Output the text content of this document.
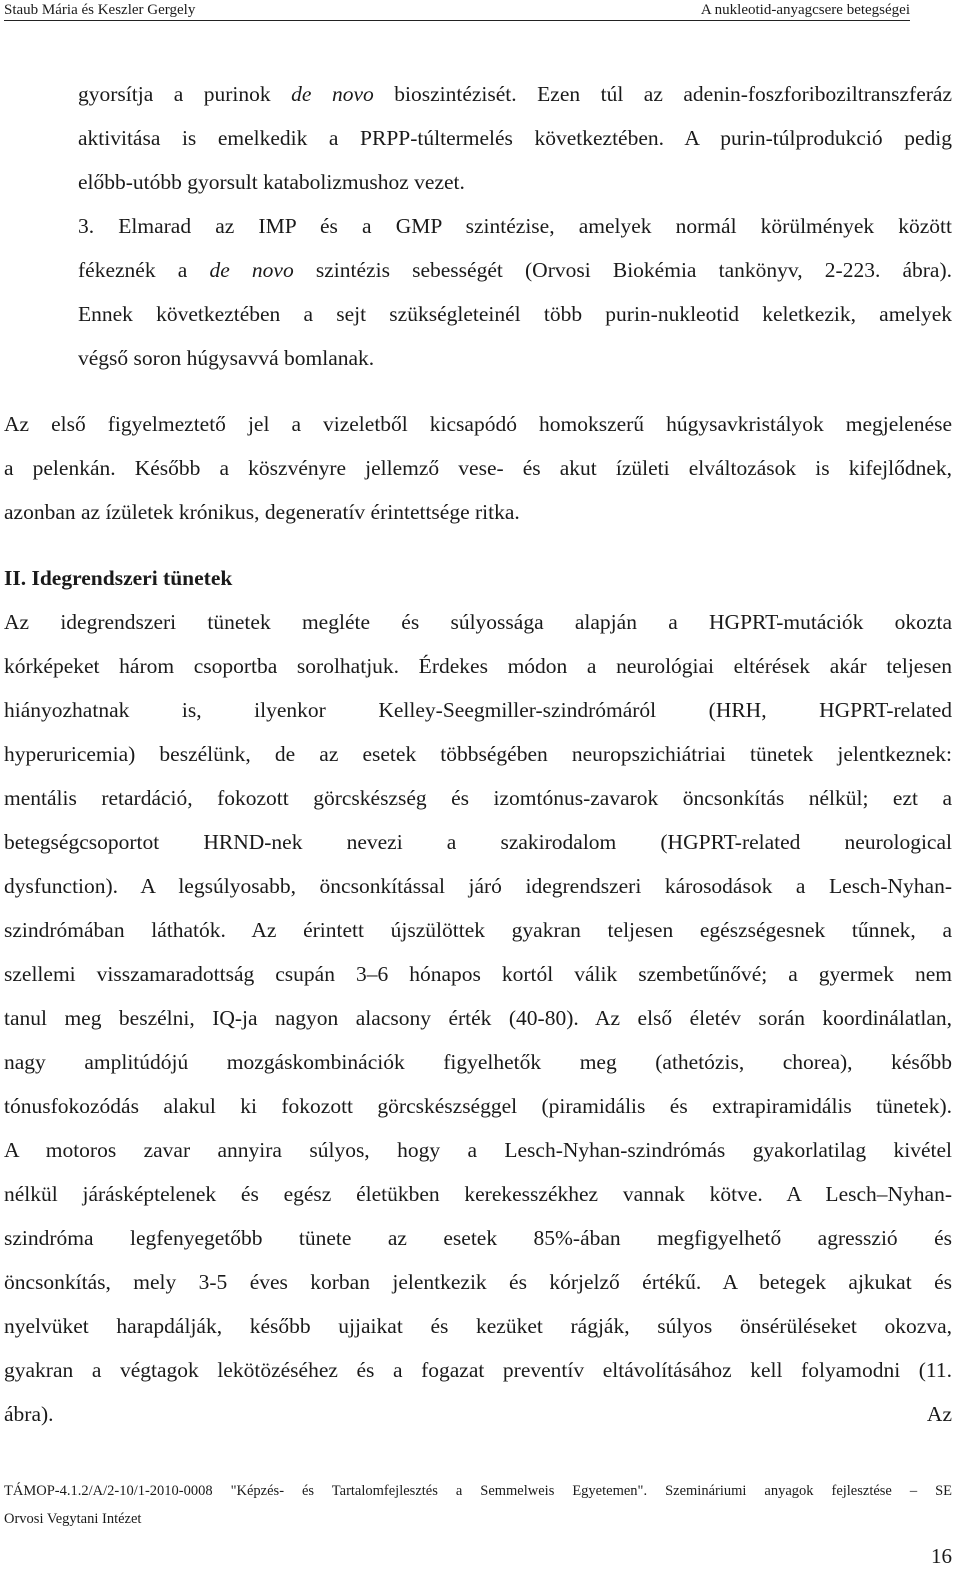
Staub Mária és Keszler Gergely	A nukleotid-anyagcsere betegségei
gyorsítja a purinok de novo bioszintézisét. Ezen túl az adenin-foszforiboziltranszferáz
aktivitása is emelkedik a PRPP-túltermelés következtében. A purin-túlprodukció pedig
előbb-utóbb gyorsult katabolizmushoz vezet.
3. Elmarad az IMP és a GMP szintézise, amelyek normál körülmények között
fékeznék a de novo szintézis sebességét (Orvosi Biokémia tankönyv, 2-223. ábra).
Ennek következtében a sejt szükségleteinél több purin-nukleotid keletkezik, amelyek
végső soron húgysavvá bomlanak.
Az első figyelmeztető jel a vizeletből kicsapódó homokszerű húgysavkristályok megjelenése
a pelenkán. Később a köszvényre jellemző vese- és akut ízületi elváltozások is kifejlődnek,
azonban az ízületek krónikus, degeneratív érintettsége ritka.
II. Idegrendszeri tünetek
Az idegrendszeri tünetek megléte és súlyossága alapján a HGPRT-mutációk okozta
kórképeket három csoportba sorolhatjuk. Érdekes módon a neurológiai eltérések akár teljesen
hiányozhatnak is, ilyenkor Kelley-Seegmiller-szindrómáról (HRH, HGPRT-related
hyperuricemia) beszélünk, de az esetek többségében neuropszichiátriai tünetek jelentkeznek:
mentális retardáció, fokozott görcskészség és izomtónus-zavarok öncsonkítás nélkül; ezt a
betegségcsoportot HRND-nek nevezi a szakirodalom (HGPRT-related neurological
dysfunction). A legsúlyosabb, öncsonkítással járó idegrendszeri károsodások a Lesch-Nyhan-
szindrómában láthatók. Az érintett újszülöttek gyakran teljesen egészségesnek tűnnek, a
szellemi visszamaradottság csupán 3–6 hónapos kortól válik szembetűnővé; a gyermek nem
tanul meg beszélni, IQ-ja nagyon alacsony érték (40-80). Az első életév során koordinálatlan,
nagy amplitúdójú mozgáskombinációk figyelhetők meg (athetózis, chorea), később
tónusfokozódás alakul ki fokozott görcskészséggel (piramidális és extrapiramidális tünetek).
A motoros zavar annyira súlyos, hogy a Lesch-Nyhan-szindrómás gyakorlatilag kivétel
nélkül járásképtelenek és egész életükben kerekesszékhez vannak kötve. A Lesch–Nyhan-
szindróma legfenyegetőbb tünete az esetek 85%-ában megfigyelhető agresszió és
öncsonkítás, mely 3-5 éves korban jelentkezik és kórjelző értékű. A betegek ajkukat és
nyelvüket harapdálják, később ujjaikat és kezüket rágják, súlyos önsérüléseket okozva,
gyakran a végtagok lekötözéséhez és a fogazat preventív eltávolításához kell folyamodni (11.
ábra).	Az
TÁMOP-4.1.2/A/2-10/1-2010-0008 "Képzés- és Tartalomfejlesztés a Semmelweis Egyetemen". Szemináriumi anyagok fejlesztése – SE
Orvosi Vegytani Intézet
16
